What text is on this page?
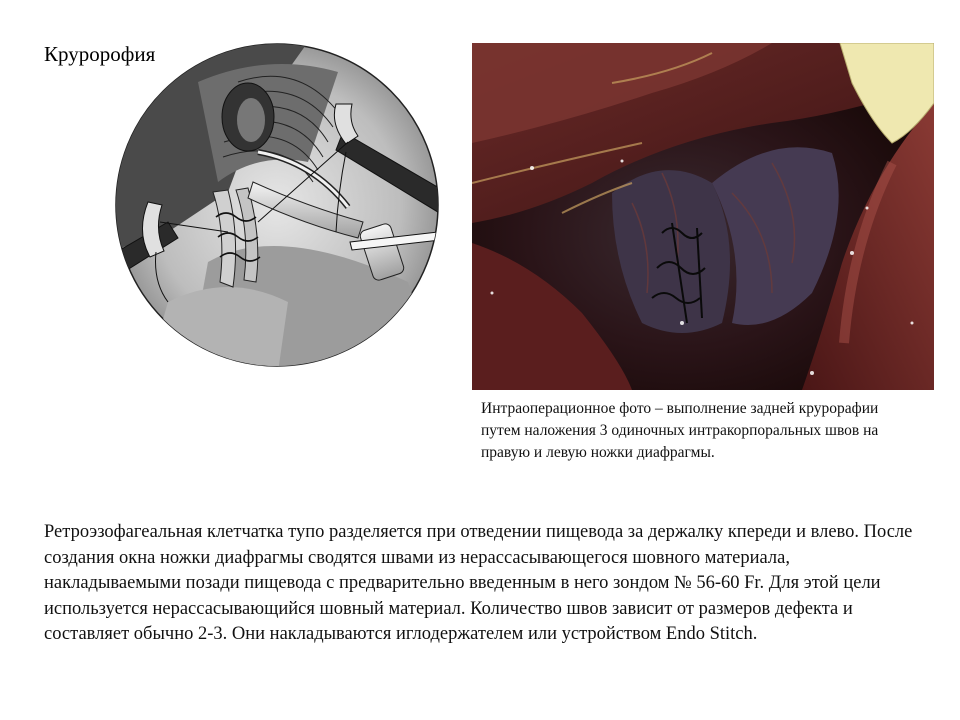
Круророфия
Интраоперационное фото – выполнение задней крурорафии путем наложения 3 одиночных интракорпоральных швов на правую и левую ножки диафрагмы.
Ретроэзофагеальная клетчатка тупо разделяется при отведении пищевода за держалку кпереди и влево. После создания окна ножки диафрагмы сводятся швами из нерассасывающегося шовного материала, накладываемыми позади пищевода с предварительно введенным в него зондом № 56-60 Fr. Для этой цели используется нерассасывающийся шовный материал. Количество швов зависит от размеров дефекта и составляет обычно 2-3. Они накладываются иглодержателем или устройством Endo Stitch.
